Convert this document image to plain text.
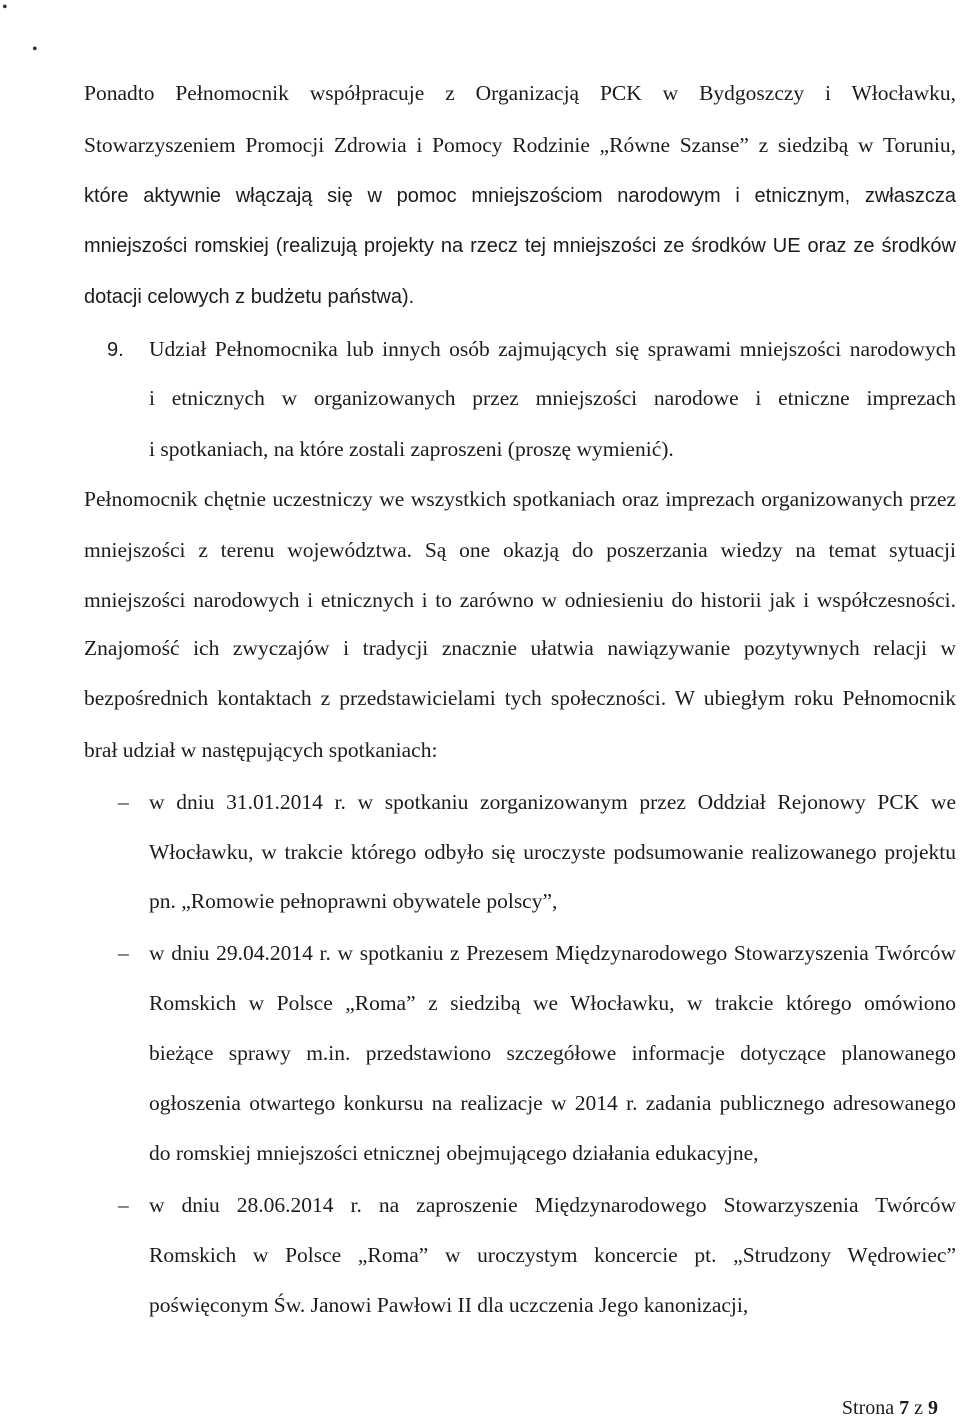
•
•

Ponadto Pełnomocnik współpracuje z Organizacją PCK w Bydgoszczy i Włocławku,

Stowarzyszeniem Promocji Zdrowia i Pomocy Rodzinie „Równe Szanse” z siedzibą w Toruniu,

które aktywnie włączają się w pomoc mniejszościom narodowym i etnicznym, zwłaszcza

mniejszości romskiej (realizują projekty na rzecz tej mniejszości ze środków UE oraz ze środków

dotacji celowych z budżetu państwa).

9. Udział Pełnomocnika lub innych osób zajmujących się sprawami mniejszości narodowych

i etnicznych w organizowanych przez mniejszości narodowe i etniczne imprezach

i spotkaniach, na które zostali zaproszeni (proszę wymienić).

Pełnomocnik chętnie uczestniczy we wszystkich spotkaniach oraz imprezach organizowanych przez

mniejszości z terenu województwa. Są one okazją do poszerzania wiedzy na temat sytuacji

mniejszości narodowych i etnicznych i to zarówno w odniesieniu do historii jak i współczesności.

Znajomość ich zwyczajów i tradycji znacznie ułatwia nawiązywanie pozytywnych relacji w

bezpośrednich kontaktach z przedstawicielami tych społeczności. W ubiegłym roku Pełnomocnik

brał udział w następujących spotkaniach:

– w dniu 31.01.2014 r. w spotkaniu zorganizowanym przez Oddział Rejonowy PCK we

Włocławku, w trakcie którego odbyło się uroczyste podsumowanie realizowanego projektu

pn. „Romowie pełnoprawni obywatele polscy”,

– w dniu 29.04.2014 r. w spotkaniu z Prezesem Międzynarodowego Stowarzyszenia Twórców

Romskich w Polsce „Roma” z siedzibą we Włocławku, w trakcie którego omówiono

bieżące sprawy m.in. przedstawiono szczegółowe informacje dotyczące planowanego

ogłoszenia otwartego konkursu na realizacje w 2014 r. zadania publicznego adresowanego

do romskiej mniejszości etnicznej obejmującego działania edukacyjne,

– w dniu 28.06.2014 r. na zaproszenie Międzynarodowego Stowarzyszenia Twórców

Romskich w Polsce „Roma” w uroczystym koncercie pt. „Strudzony Wędrowiec”

poświęconym Św. Janowi Pawłowi II dla uczczenia Jego kanonizacji,

Strona 7 z 9
